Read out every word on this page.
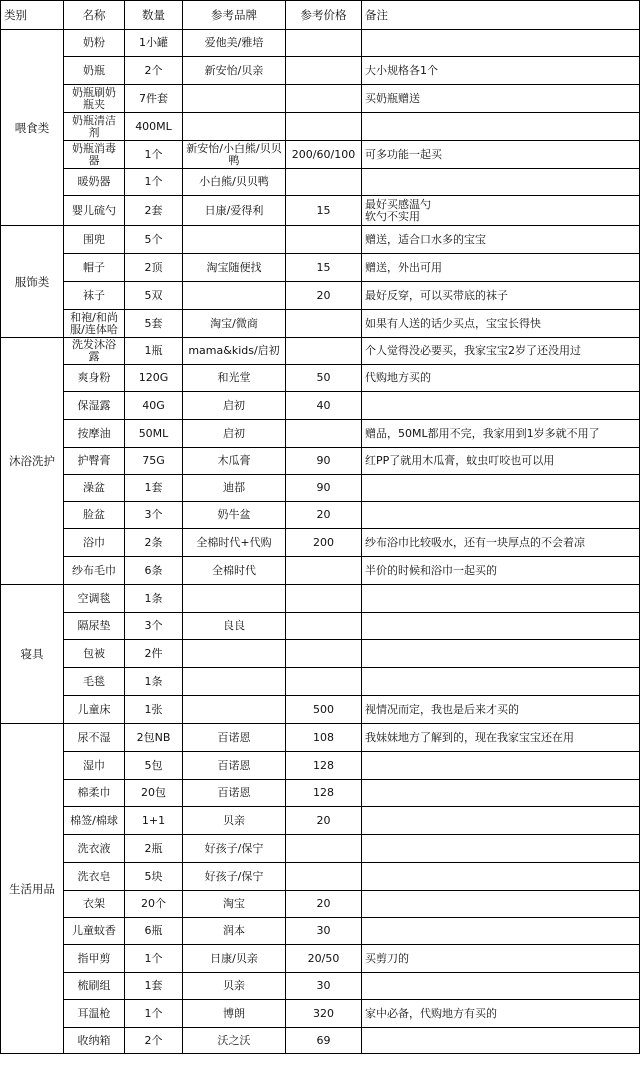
类别	名称	数量	参考品牌	参考价格	备注
喂食类	奶粉	1小罐	爱他美/雅培		
	奶瓶	2个	新安怡/贝亲		大小规格各1个
	奶瓶刷奶瓶夹	7件套			买奶瓶赠送
	奶瓶清洁剂	400ML			
	奶瓶消毒器	1个	新安怡/小白熊/贝贝鸭	200/60/100	可多功能一起买
	暖奶器	1个	小白熊/贝贝鸭		
	婴儿硫勺	2套	日康/爱得利	15	最好买感温勺
软勺不实用
服饰类	围兜	5个			赠送，适合口水多的宝宝
	帽子	2顶	淘宝随便找	15	赠送，外出可用
	袜子	5双		20	最好反穿，可以买带底的袜子
	和袍/和尚服/连体哈	5套	淘宝/微商		如果有人送的话少买点，宝宝长得快
沐浴洗护	洗发沐浴露	1瓶	mama&kids/启初		个人觉得没必要买，我家宝宝2岁了还没用过
	爽身粉	120G	和光堂	50	代购地方买的
	保湿露	40G	启初	40	
	按摩油	50ML	启初		赠品，50ML都用不完，我家用到1岁多就不用了
	护臀膏	75G	木瓜膏	90	红PP了就用木瓜膏，蚊虫叮咬也可以用
	澡盆	1套	迪鄀	90	
	脸盆	3个	奶牛盆	20	
	浴巾	2条	全棉时代+代购	200	纱布浴巾比较吸水，还有一块厚点的不会着凉
	纱布毛巾	6条	全棉时代		半价的时候和浴巾一起买的
寝具	空调毯	1条			
	隔尿垫	3个	良良		
	包被	2件			
	毛毯	1条			
	儿童床	1张		500	视情况而定，我也是后来才买的
生活用品	尿不湿	2包NB	百诺恩	108	我妹妹地方了解到的，现在我家宝宝还在用
	湿巾	5包	百诺恩	128	
	棉柔巾	20包	百诺恩	128	
	棉签/棉球	1+1	贝亲	20	
	洗衣液	2瓶	好孩子/保宁		
	洗衣皂	5块	好孩子/保宁		
	衣架	20个	淘宝	20	
	儿童蚊香	6瓶	润本	30	
	指甲剪	1个	日康/贝亲	20/50	买剪刀的
	梳刷组	1套	贝亲	30	
	耳温枪	1个	博朗	320	家中必备，代购地方有买的
	收纳箱	2个	沃之沃	69	
